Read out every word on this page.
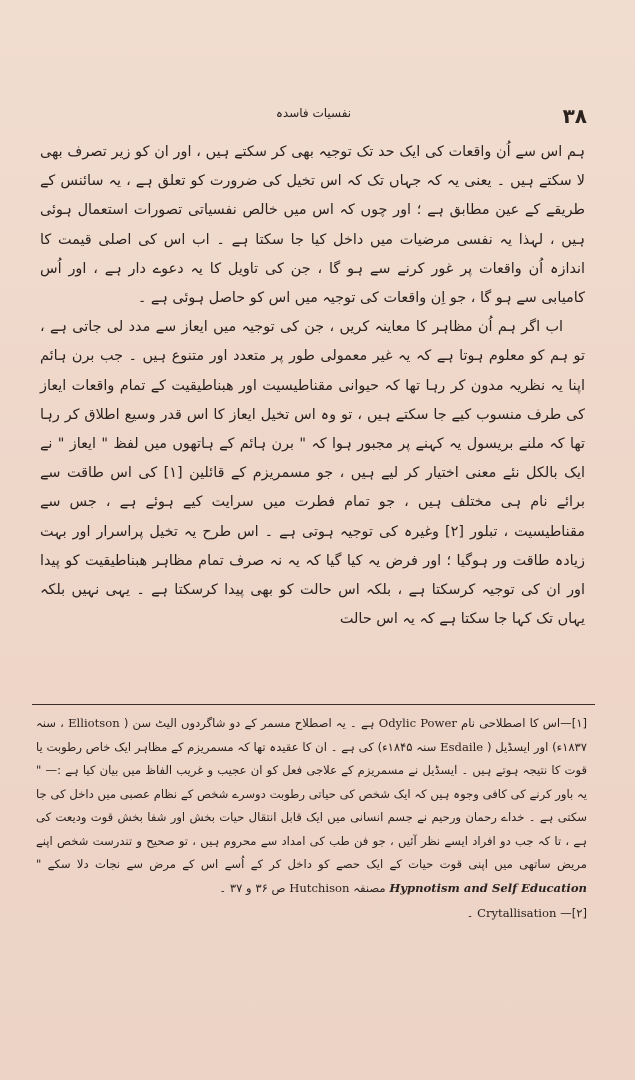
۳۸
نفسیات فاسدہ

ہم اس سے اُن واقعات کی ایک حد تک توجیہ بھی کر سکتے ہیں ، اور ان کو زیر تصرف بھی لا سکتے ہیں ۔ یعنی یہ کہ جہاں تک کہ اس تخیل کی ضرورت کو تعلق ہے ، یہ سائنس کے طریقے کے عین مطابق ہے ؛ اور چوں کہ اس میں خالص نفسیاتی تصورات استعمال ہوئی ہیں ، لہذا یہ نفسی مرضیات میں داخل کیا جا سکتا ہے ۔ اب اس کی اصلی قیمت کا اندازہ اُن واقعات پر غور کرنے سے ہو گا ، جن کی تاویل کا یہ دعوے دار ہے ، اور اُس کامیابی سے ہو گا ، جو اِن واقعات کی توجیہ میں اس کو حاصل ہوئی ہے ۔

اب اگر ہم اُن مظاہر کا معاینہ کریں ، جن کی توجیہ میں ایعاز سے مدد لی جاتی ہے ، تو ہم کو معلوم ہوتا ہے کہ یہ غیر معمولی طور پر متعدد اور متنوع ہیں ۔ جب برن ہائم اپنا یہ نظریہ مدون کر رہا تھا کہ حیوانی مقناطیسیت اور ھبناطیقیت کے تمام واقعات ایعاز کی طرف منسوب کیے جا سکتے ہیں ، تو وہ اس تخیل ایعاز کا اس قدر وسیع اطلاق کر رہا تھا کہ ملنے بریسول یہ کہنے پر مجبور ہوا کہ " برن ہائم کے ہاتھوں میں لفظ " ایعاز " نے ایک بالکل نئے معنی اختیار کر لیے ہیں ، جو مسمریزم کے قائلین [۱] کی اس طاقت سے برائے نام ہی مختلف ہیں ، جو تمام فطرت میں سرایت کیے ہوئے ہے ، جس سے مقناطیسیت ، تبلور [۲] وغیرہ کی توجیہ ہوتی ہے ۔ اس طرح یہ تخیل پراسرار اور بہت زیادہ طاقت ور ہوگیا ؛ اور فرض یہ کیا گیا کہ یہ نہ صرف تمام مظاہر ھبناطیقیت کو پیدا اور ان کی توجیہ کرسکتا ہے ، بلکہ اس حالت کو بھی پیدا کرسکتا ہے ۔ یہی نہیں بلکہ یہاں تک کہا جا سکتا ہے کہ یہ اس حالت

[۱]—اس کا اصطلاحی نام Odylic Power ہے ۔ یہ اصطلاح مسمر کے دو شاگردوں الیٹ سن ( Elliotson ، سنہ ۱۸۳۷ء) اور ایسڈیل ( Esdaile سنہ ۱۸۴۵ء) کی ہے ۔ ان کا عقیدہ تھا کہ مسمریزم کے مظاہر ایک خاص رطوبت یا قوت کا نتیجہ ہوتے ہیں ۔ ایسڈیل نے مسمریزم کے علاجی فعل کو ان عجیب و غریب الفاظ میں بیان کیا ہے :— " یہ باور کرنے کی کافی وجوہ ہیں کہ ایک شخص کی حیاتی رطوبت دوسرے شخص کے نظام عصبی میں داخل کی جا سکتی ہے ۔ خداے رحمان ورحیم نے جسم انسانی میں ایک قابل انتقال حیات بخش اور شفا بخش قوت ودیعت کی ہے ، تا کہ جب دو افراد ایسے نظر آئیں ، جو فن طب کی امداد سے محروم ہیں ، تو صحیح و تندرست شخص اپنے مریض ساتھی میں اپنی قوت حیات کے ایک حصے کو داخل کر کے اُسے اس کے مرض سے نجات دلا سکے " Hypnotism and Self Education مصنفہ Hutchison ص ۳۶ و ۳۷ ۔

[۲]— Crytallisation ۔
